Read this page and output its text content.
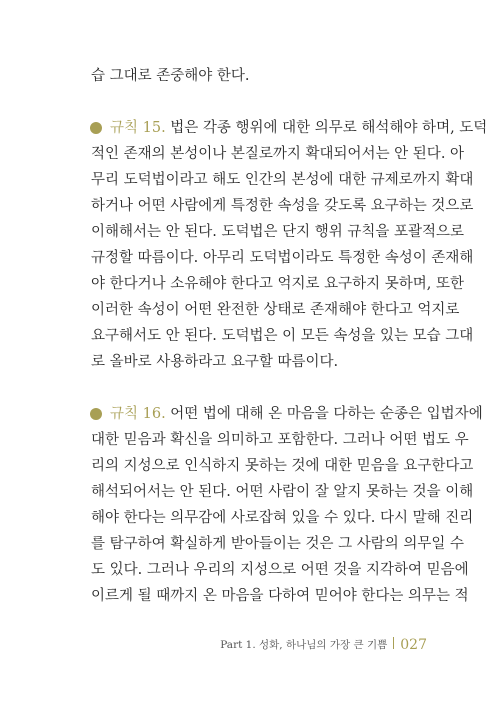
습 그대로 존중해야 한다.
규칙 15. 법은 각종 행위에 대한 의무로 해석해야 하며, 도덕
적인 존재의 본성이나 본질로까지 확대되어서는 안 된다. 아
무리 도덕법이라고 해도 인간의 본성에 대한 규제로까지 확대
하거나 어떤 사람에게 특정한 속성을 갖도록 요구하는 것으로
이해해서는 안 된다. 도덕법은 단지 행위 규칙을 포괄적으로
규정할 따름이다. 아무리 도덕법이라도 특정한 속성이 존재해
야 한다거나 소유해야 한다고 억지로 요구하지 못하며, 또한
이러한 속성이 어떤 완전한 상태로 존재해야 한다고 억지로
요구해서도 안 된다. 도덕법은 이 모든 속성을 있는 모습 그대
로 올바로 사용하라고 요구할 따름이다.
규칙 16. 어떤 법에 대해 온 마음을 다하는 순종은 입법자에
대한 믿음과 확신을 의미하고 포함한다. 그러나 어떤 법도 우
리의 지성으로 인식하지 못하는 것에 대한 믿음을 요구한다고
해석되어서는 안 된다. 어떤 사람이 잘 알지 못하는 것을 이해
해야 한다는 의무감에 사로잡혀 있을 수 있다. 다시 말해 진리
를 탐구하여 확실하게 받아들이는 것은 그 사람의 의무일 수
도 있다. 그러나 우리의 지성으로 어떤 것을 지각하여 믿음에
이르게 될 때까지 온 마음을 다하여 믿어야 한다는 의무는 적
Part 1. 성화, 하나님의 가장 큰 기쁨 027
